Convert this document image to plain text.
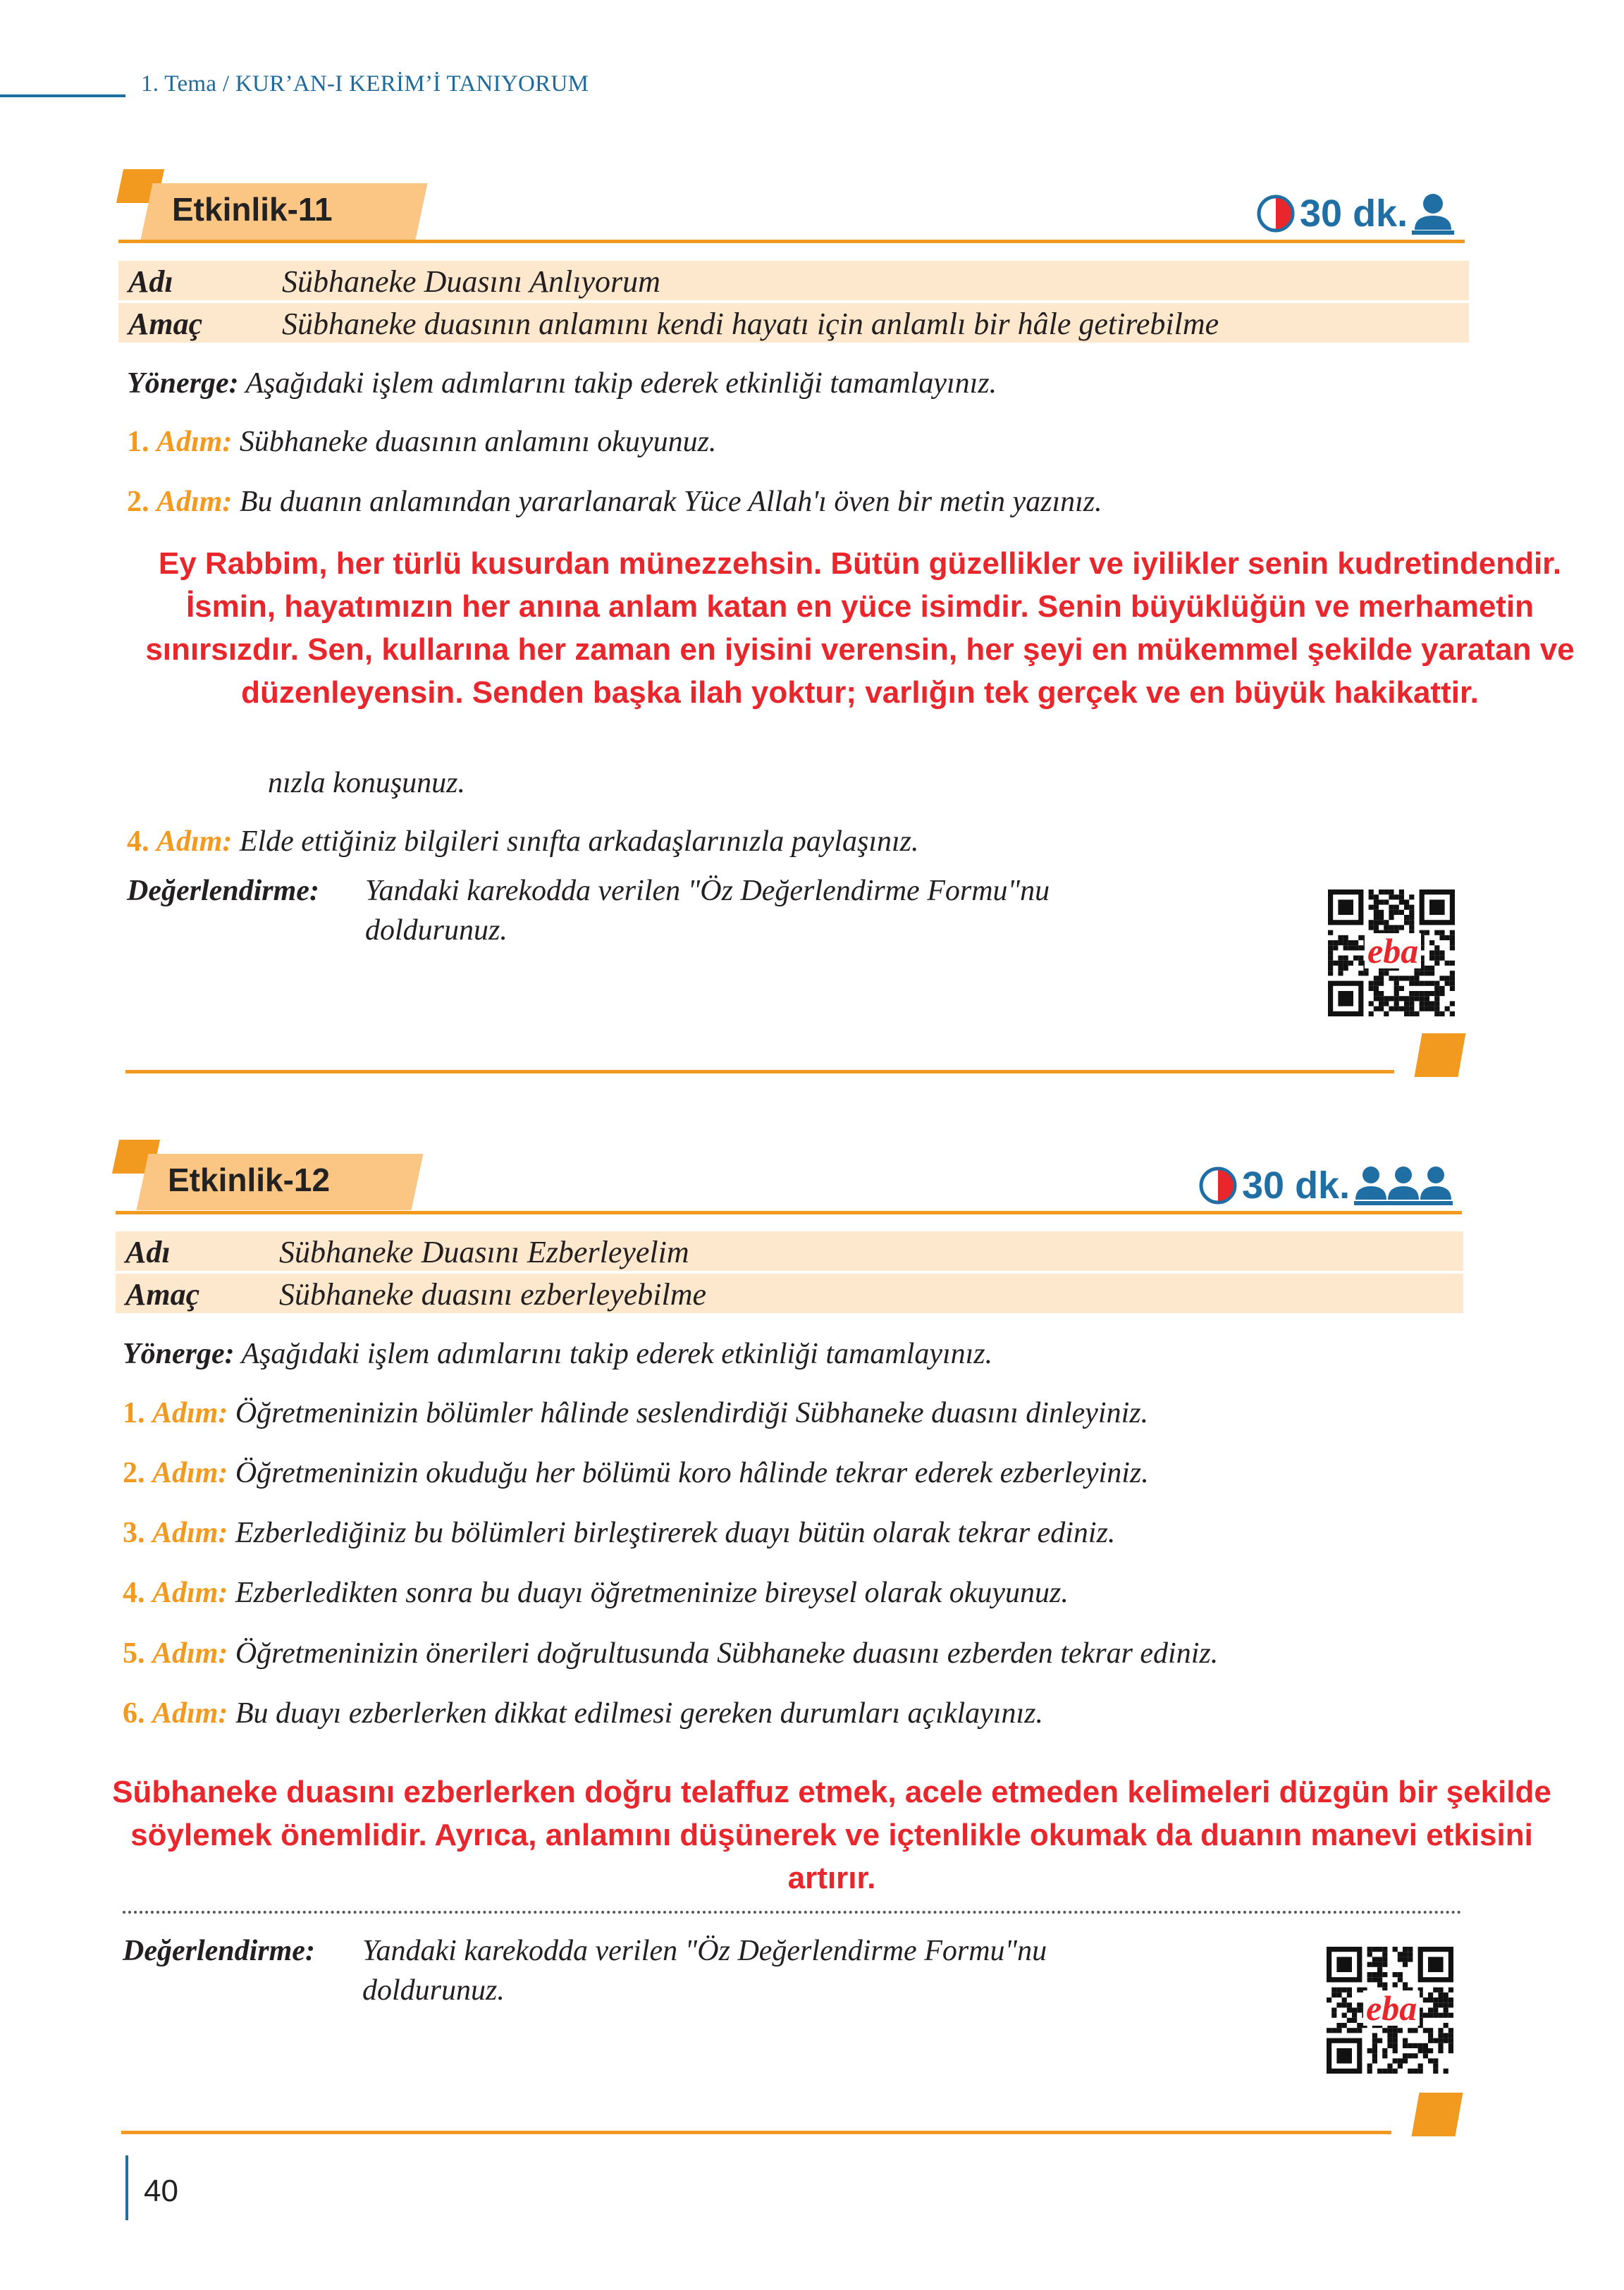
1. Tema / KUR’AN-I KERİM’İ TANIYORUM
Etkinlik-11	30 dk.
Adı	Sübhaneke Duasını Anlıyorum
Amaç	Sübhaneke duasının anlamını kendi hayatı için anlamlı bir hâle getirebilme
Yönerge: Aşağıdaki işlem adımlarını takip ederek etkinliği tamamlayınız.
1. Adım: Sübhaneke duasının anlamını okuyunuz.
2. Adım: Bu duanın anlamından yararlanarak Yüce Allah'ı öven bir metin yazınız.
Ey Rabbim, her türlü kusurdan münezzehsin. Bütün güzellikler ve iyilikler senin kudretindendir. İsmin, hayatımızın her anına anlam katan en yüce isimdir. Senin büyüklüğün ve merhametin sınırsızdır. Sen, kullarına her zaman en iyisini verensin, her şeyi en mükemmel şekilde yaratan ve düzenleyensin. Senden başka ilah yoktur; varlığın tek gerçek ve en büyük hakikattir.
nızla konuşunuz.
4. Adım: Elde ettiğiniz bilgileri sınıfta arkadaşlarınızla paylaşınız.
Değerlendirme: Yandaki karekodda verilen "Öz Değerlendirme Formu"nu
doldurunuz.
eba
Etkinlik-12	30 dk.
Adı	Sübhaneke Duasını Ezberleyelim
Amaç	Sübhaneke duasını ezberleyebilme
Yönerge: Aşağıdaki işlem adımlarını takip ederek etkinliği tamamlayınız.
1. Adım: Öğretmeninizin bölümler hâlinde seslendirdiği Sübhaneke duasını dinleyiniz.
2. Adım: Öğretmeninizin okuduğu her bölümü koro hâlinde tekrar ederek ezberleyiniz.
3. Adım: Ezberlediğiniz bu bölümleri birleştirerek duayı bütün olarak tekrar ediniz.
4. Adım: Ezberledikten sonra bu duayı öğretmeninize bireysel olarak okuyunuz.
5. Adım: Öğretmeninizin önerileri doğrultusunda Sübhaneke duasını ezberden tekrar ediniz.
6. Adım: Bu duayı ezberlerken dikkat edilmesi gereken durumları açıklayınız.
Sübhaneke duasını ezberlerken doğru telaffuz etmek, acele etmeden kelimeleri düzgün bir şekilde söylemek önemlidir. Ayrıca, anlamını düşünerek ve içtenlikle okumak da duanın manevi etkisini artırır.
Değerlendirme: Yandaki karekodda verilen "Öz Değerlendirme Formu"nu
doldurunuz.	eba
40
